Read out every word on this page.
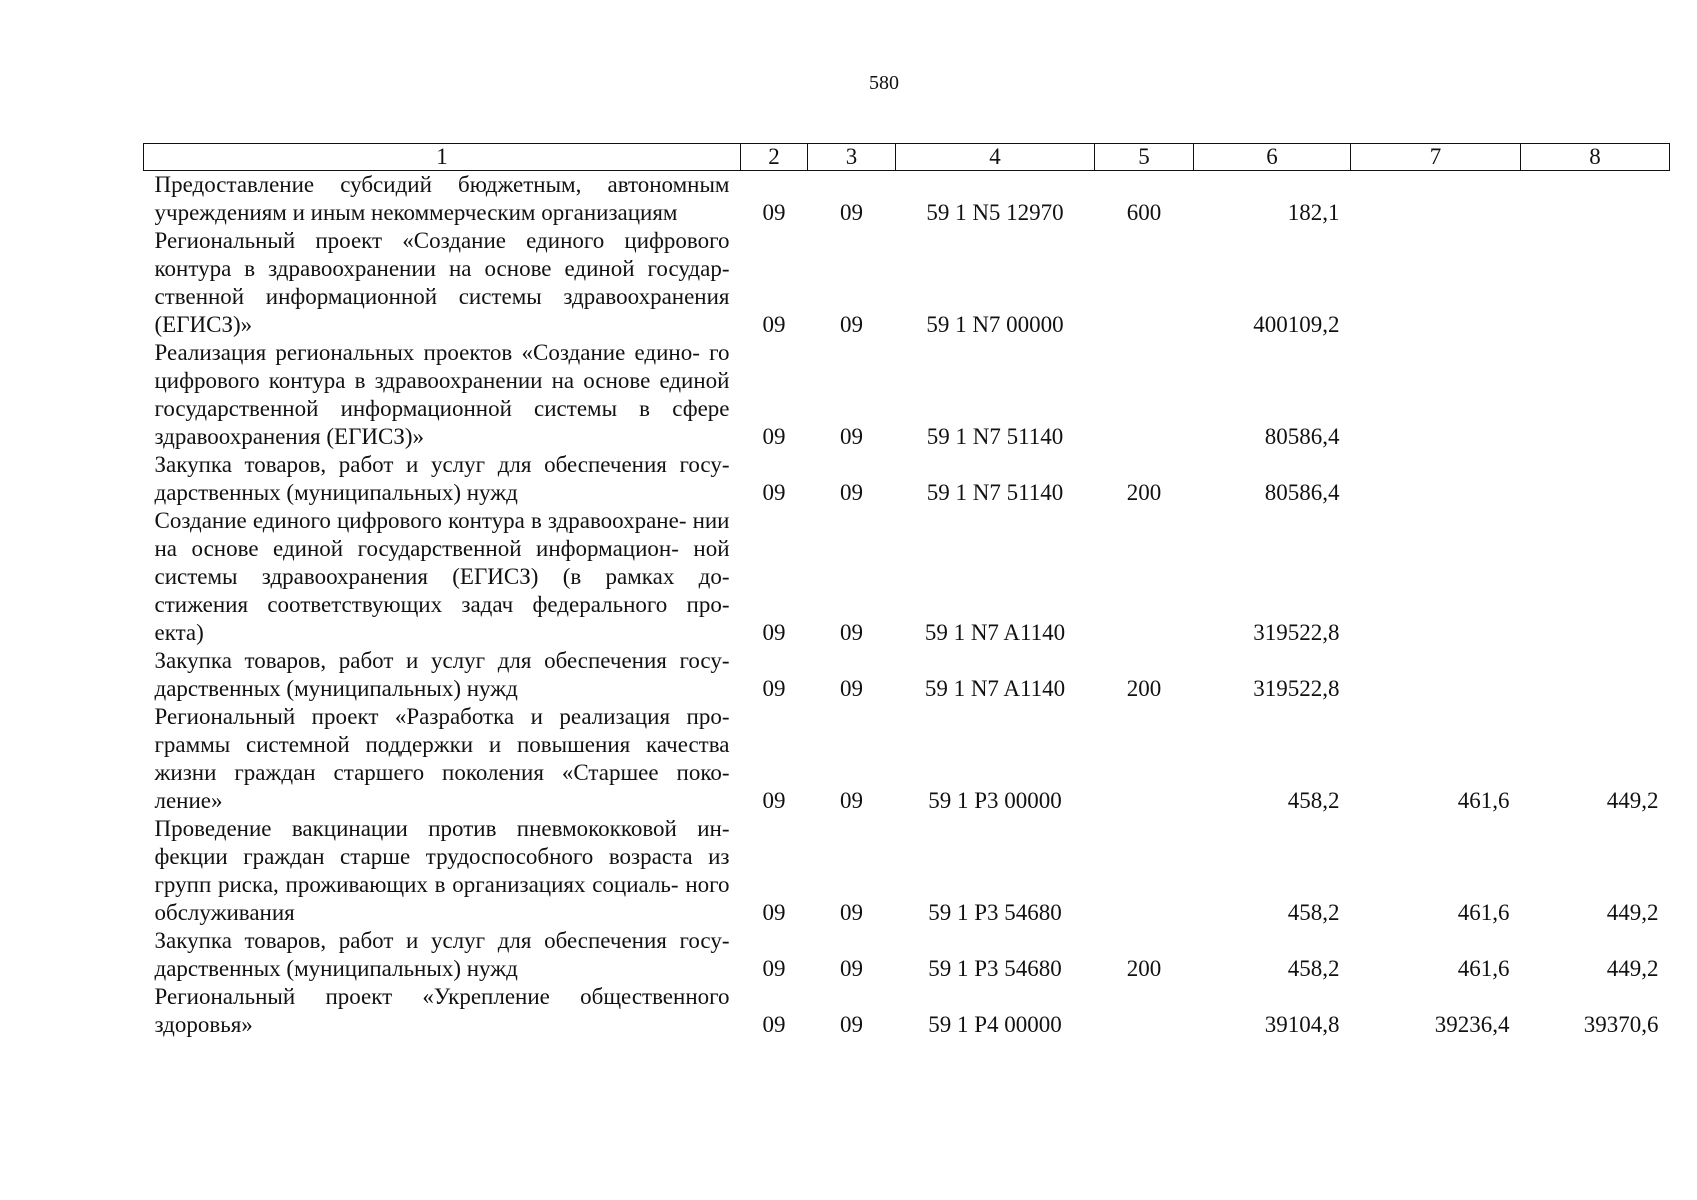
580
1	2	3	4	5	6	7	8
Предоставление субсидий бюджетным, автономным учреждениям и иным некоммерческим организациям	09	09	59 1 N5 12970	600	182,1		
Региональный проект «Создание единого цифрового контура в здравоохранении на основе единой государ- ственной информационной системы здравоохранения (ЕГИСЗ)»	09	09	59 1 N7 00000		400109,2		
Реализация региональных проектов «Создание едино- го цифрового контура в здравоохранении на основе единой государственной информационной системы в сфере здравоохранения (ЕГИСЗ)»	09	09	59 1 N7 51140		80586,4		
Закупка товаров, работ и услуг для обеспечения госу- дарственных (муниципальных) нужд	09	09	59 1 N7 51140	200	80586,4		
Создание единого цифрового контура в здравоохране- нии на основе единой государственной информацион- ной системы здравоохранения (ЕГИСЗ) (в рамках до- стижения соответствующих задач федерального про- екта)	09	09	59 1 N7 A1140		319522,8		
Закупка товаров, работ и услуг для обеспечения госу- дарственных (муниципальных) нужд	09	09	59 1 N7 A1140	200	319522,8		
Региональный проект «Разработка и реализация про- граммы системной поддержки и повышения качества жизни граждан старшего поколения «Старшее поко- ление»	09	09	59 1 P3 00000		458,2	461,6	449,2
Проведение вакцинации против пневмококковой ин- фекции граждан старше трудоспособного возраста из групп риска, проживающих в организациях социаль- ного обслуживания	09	09	59 1 P3 54680		458,2	461,6	449,2
Закупка товаров, работ и услуг для обеспечения госу- дарственных (муниципальных) нужд	09	09	59 1 P3 54680	200	458,2	461,6	449,2
Региональный проект «Укрепление общественного здоровья»	09	09	59 1 P4 00000		39104,8	39236,4	39370,6
